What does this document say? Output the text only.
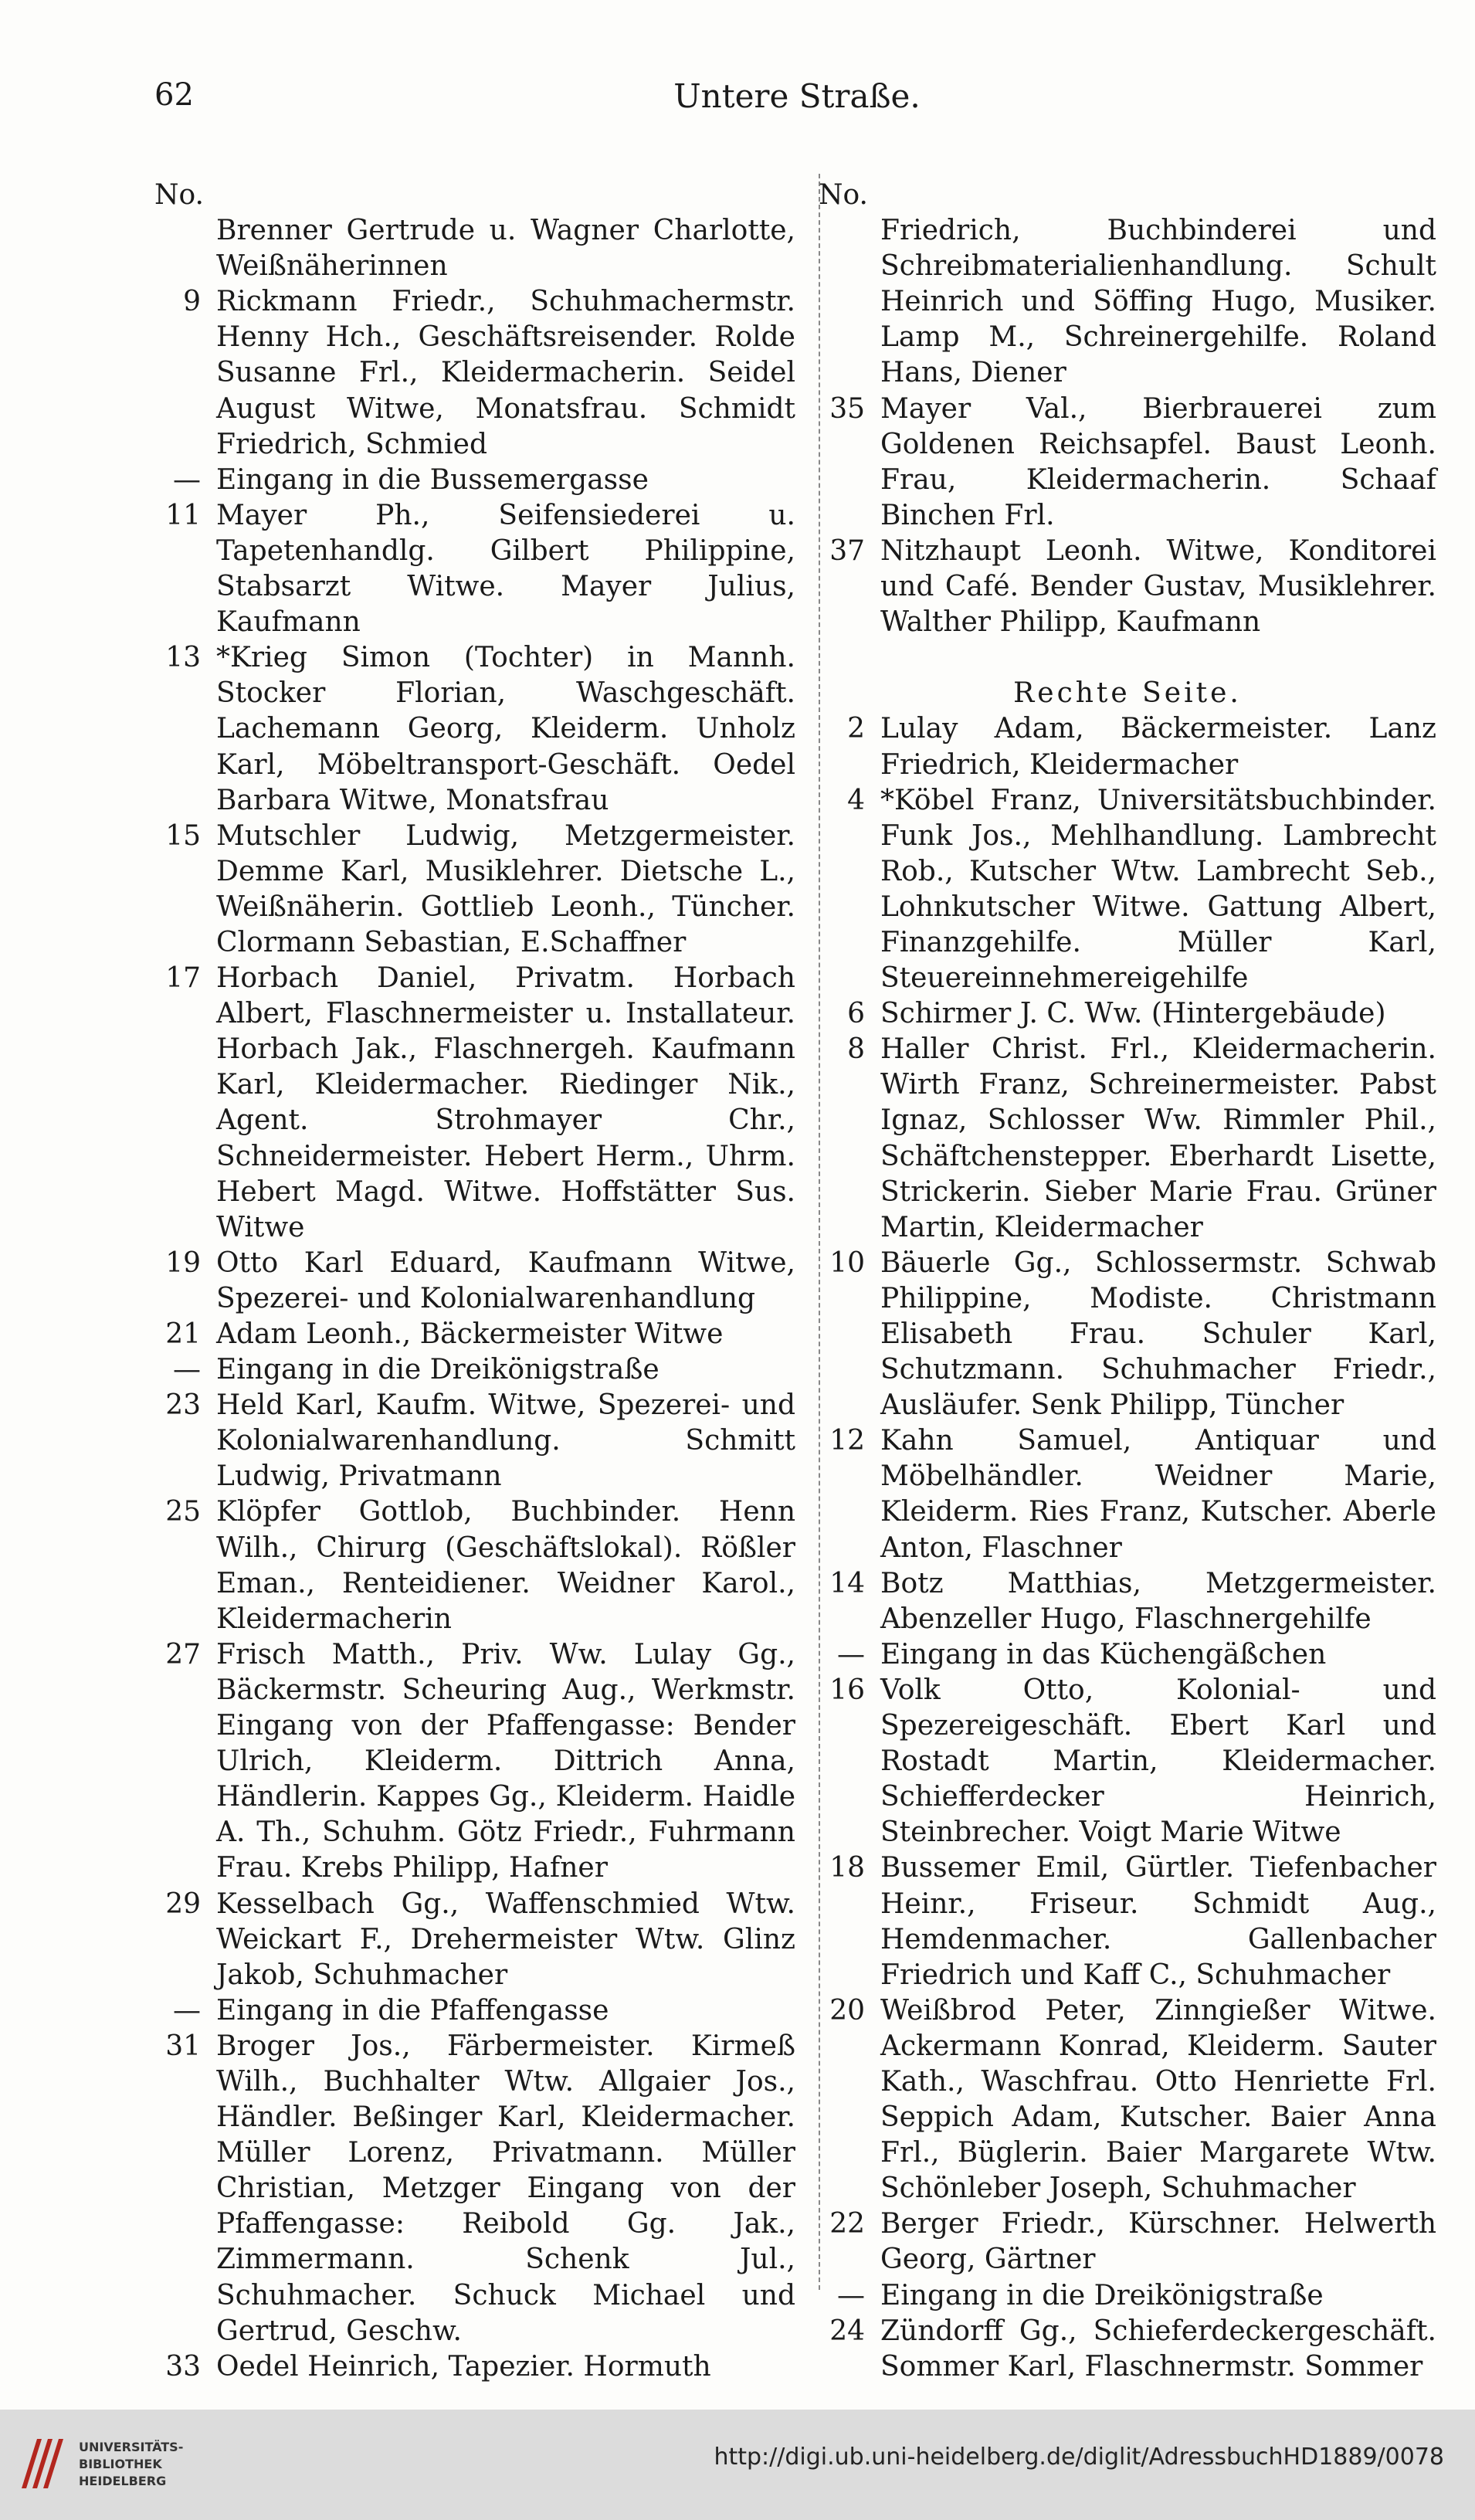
62	Untere Straße.
No.
Brenner Gertrude u. Wagner Charlotte, Weißnäherinnen
9 Rickmann Friedr., Schuhmachermstr. Henny Hch., Geschäftsreisender. Rolde Susanne Frl., Kleidermacherin. Seidel August Witwe, Monatsfrau. Schmidt Friedrich, Schmied
— Eingang in die Bussemergasse
11 Mayer Ph., Seifensiederei u. Tapetenhandlg. Gilbert Philippine, Stabsarzt Witwe. Mayer Julius, Kaufmann
13 *Krieg Simon (Tochter) in Mannh. Stocker Florian, Waschgeschäft. Lachemann Georg, Kleiderm. Unholz Karl, Möbeltransport-Geschäft. Oedel Barbara Witwe, Monatsfrau
15 Mutschler Ludwig, Metzgermeister. Demme Karl, Musiklehrer. Dietsche L., Weißnäherin. Gottlieb Leonh., Tüncher. Clormann Sebastian, E.Schaffner
17 Horbach Daniel, Privatm. Horbach Albert, Flaschnermeister u. Installateur. Horbach Jak., Flaschnergeh. Kaufmann Karl, Kleidermacher. Riedinger Nik., Agent. Strohmayer Chr., Schneidermeister. Hebert Herm., Uhrm. Hebert Magd. Witwe. Hoffstätter Sus. Witwe
19 Otto Karl Eduard, Kaufmann Witwe, Spezerei- und Kolonialwarenhandlung
21 Adam Leonh., Bäckermeister Witwe
— Eingang in die Dreikönigstraße
23 Held Karl, Kaufm. Witwe, Spezerei- und Kolonialwarenhandlung. Schmitt Ludwig, Privatmann
25 Klöpfer Gottlob, Buchbinder. Henn Wilh., Chirurg (Geschäftslokal). Rößler Eman., Renteidiener. Weidner Karol., Kleidermacherin
27 Frisch Matth., Priv. Ww. Lulay Gg., Bäckermstr. Scheuring Aug., Werkmstr. Eingang von der Pfaffengasse: Bender Ulrich, Kleiderm. Dittrich Anna, Händlerin. Kappes Gg., Kleiderm. Haidle A. Th., Schuhm. Götz Friedr., Fuhrmann Frau. Krebs Philipp, Hafner
29 Kesselbach Gg., Waffenschmied Wtw. Weickart F., Drehermeister Wtw. Glinz Jakob, Schuhmacher
— Eingang in die Pfaffengasse
31 Broger Jos., Färbermeister. Kirmeß Wilh., Buchhalter Wtw. Allgaier Jos., Händler. Beßinger Karl, Kleidermacher. Müller Lorenz, Privatmann. Müller Christian, Metzger Eingang von der Pfaffengasse: Reibold Gg. Jak., Zimmermann. Schenk Jul., Schuhmacher. Schuck Michael und Gertrud, Geschw.
33 Oedel Heinrich, Tapezier. Hormuth
No.
Friedrich, Buchbinderei und Schreibmaterialienhandlung. Schult Heinrich und Söffing Hugo, Musiker. Lamp M., Schreinergehilfe. Roland Hans, Diener
35 Mayer Val., Bierbrauerei zum Goldenen Reichsapfel. Baust Leonh. Frau, Kleidermacherin. Schaaf Binchen Frl.
37 Nitzhaupt Leonh. Witwe, Konditorei und Café. Bender Gustav, Musiklehrer. Walther Philipp, Kaufmann
Rechte Seite.
2 Lulay Adam, Bäckermeister. Lanz Friedrich, Kleidermacher
4 *Köbel Franz, Universitätsbuchbinder. Funk Jos., Mehlhandlung. Lambrecht Rob., Kutscher Wtw. Lambrecht Seb., Lohnkutscher Witwe. Gattung Albert, Finanzgehilfe. Müller Karl, Steuereinnehmereigehilfe
6 Schirmer J. C. Ww. (Hintergebäude)
8 Haller Christ. Frl., Kleidermacherin. Wirth Franz, Schreinermeister. Pabst Ignaz, Schlosser Ww. Rimmler Phil., Schäftchenstepper. Eberhardt Lisette, Strickerin. Sieber Marie Frau. Grüner Martin, Kleidermacher
10 Bäuerle Gg., Schlossermstr. Schwab Philippine, Modiste. Christmann Elisabeth Frau. Schuler Karl, Schutzmann. Schuhmacher Friedr., Ausläufer. Senk Philipp, Tüncher
12 Kahn Samuel, Antiquar und Möbelhändler. Weidner Marie, Kleiderm. Ries Franz, Kutscher. Aberle Anton, Flaschner
14 Botz Matthias, Metzgermeister. Abenzeller Hugo, Flaschnergehilfe
— Eingang in das Küchengäßchen
16 Volk Otto, Kolonial- und Spezereigeschäft. Ebert Karl und Rostadt Martin, Kleidermacher. Schiefferdecker Heinrich, Steinbrecher. Voigt Marie Witwe
18 Bussemer Emil, Gürtler. Tiefenbacher Heinr., Friseur. Schmidt Aug., Hemdenmacher. Gallenbacher Friedrich und Kaff C., Schuhmacher
20 Weißbrod Peter, Zinngießer Witwe. Ackermann Konrad, Kleiderm. Sauter Kath., Waschfrau. Otto Henriette Frl. Seppich Adam, Kutscher. Baier Anna Frl., Büglerin. Baier Margarete Wtw. Schönleber Joseph, Schuhmacher
22 Berger Friedr., Kürschner. Helwerth Georg, Gärtner
— Eingang in die Dreikönigstraße
24 Zündorff Gg., Schieferdeckergeschäft. Sommer Karl, Flaschnermstr. Sommer
UNIVERSITÄTS-
BIBLIOTHEK
HEIDELBERG
http://digi.ub.uni-heidelberg.de/diglit/AdressbuchHD1889/0078
